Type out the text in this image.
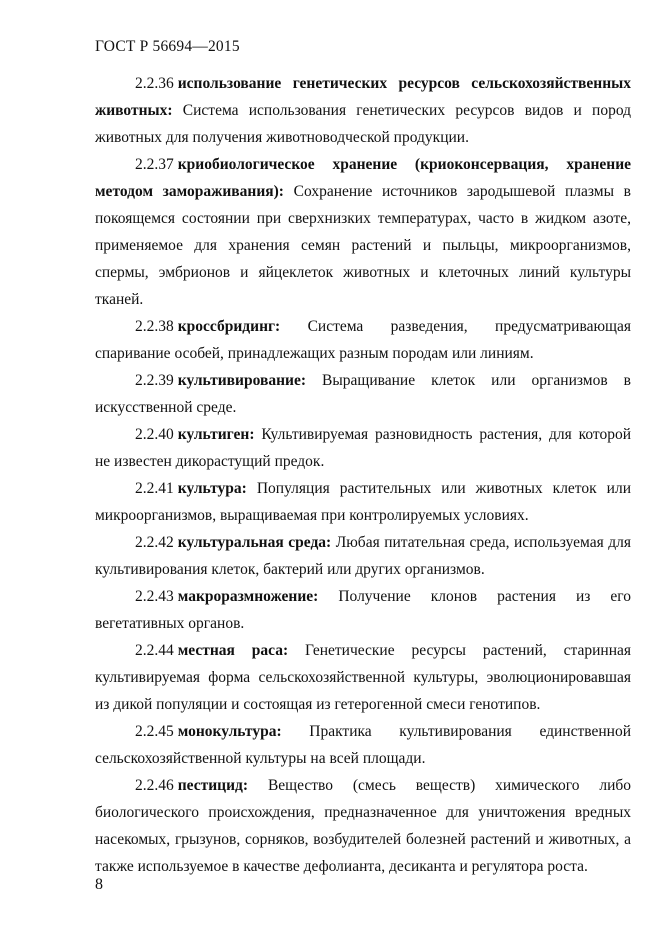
ГОСТ Р 56694—2015

2.2.36 использование генетических ресурсов сельскохозяйственных животных: Система использования генетических ресурсов видов и пород животных для получения животноводческой продукции.

2.2.37 криобиологическое хранение (криоконсервация, хранение методом замораживания): Сохранение источников зародышевой плазмы в покоящемся состоянии при сверхнизких температурах, часто в жидком азоте, применяемое для хранения семян растений и пыльцы, микроорганизмов, спермы, эмбрионов и яйцеклеток животных и клеточных линий культуры тканей.

2.2.38 кроссбридинг: Система разведения, предусматривающая спаривание особей, принадлежащих разным породам или линиям.

2.2.39 культивирование: Выращивание клеток или организмов в искусственной среде.

2.2.40 культиген: Культивируемая разновидность растения, для которой не известен дикорастущий предок.

2.2.41 культура: Популяция растительных или животных клеток или микроорганизмов, выращиваемая при контролируемых условиях.

2.2.42 культуральная среда: Любая питательная среда, используемая для культивирования клеток, бактерий или других организмов.

2.2.43 макроразмножение: Получение клонов растения из его вегетативных органов.

2.2.44 местная раса: Генетические ресурсы растений, старинная культивируемая форма сельскохозяйственной культуры, эволюционировавшая из дикой популяции и состоящая из гетерогенной смеси генотипов.

2.2.45 монокультура: Практика культивирования единственной сельскохозяйственной культуры на всей площади.

2.2.46 пестицид: Вещество (смесь веществ) химического либо биологического происхождения, предназначенное для уничтожения вредных насекомых, грызунов, сорняков, возбудителей болезней растений и животных, а также используемое в качестве дефолианта, десиканта и регулятора роста.

8
